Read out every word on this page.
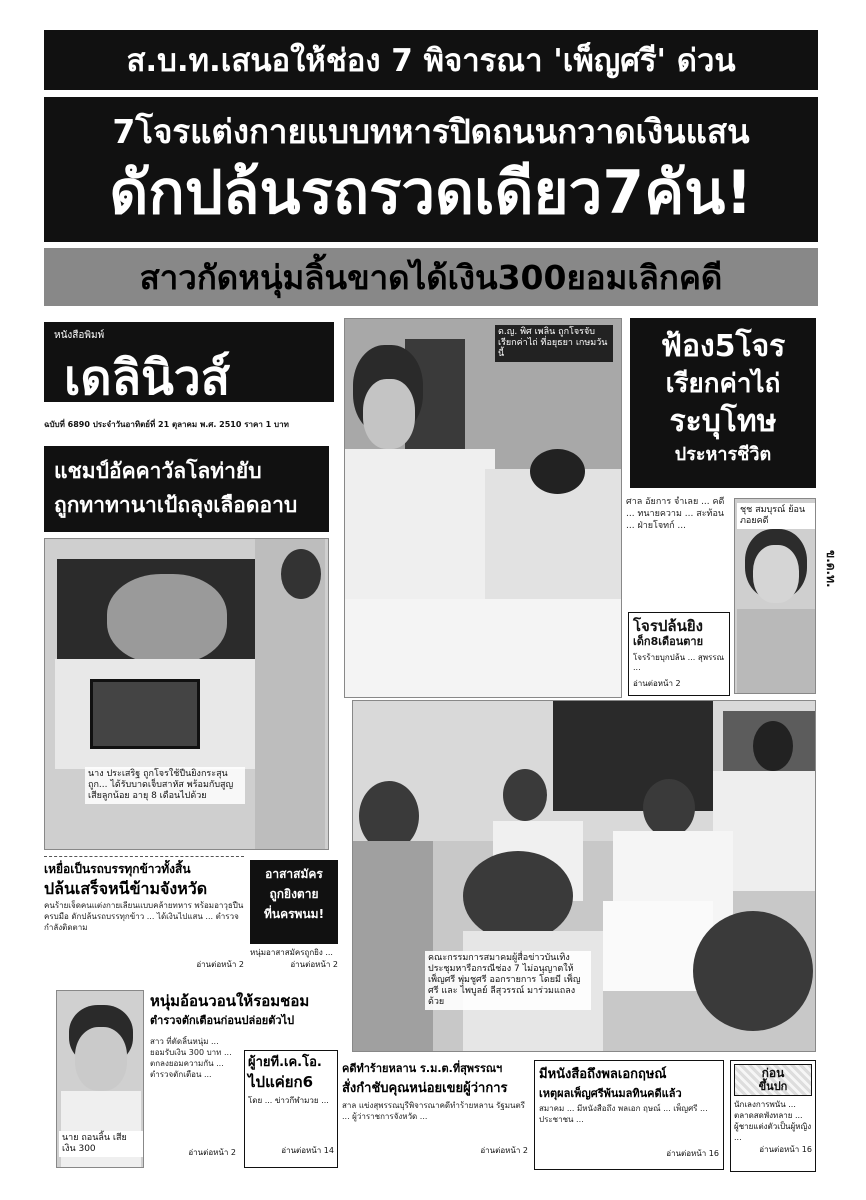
ส.บ.ท.เสนอให้ช่อง 7 พิจารณา 'เพ็ญศรี' ด่วน
7โจรแต่งกายแบบทหารปิดถนนกวาดเงินแสน
ดักปล้นรถรวดเดียว7คัน!
สาวกัดหนุ่มลิ้นขาดได้เงิน300ยอมเลิกคดี
หนังสือพิมพ์
เดลินิวส์
ฉบับที่ 6890 ประจำวันอาทิตย์ที่ 21 ตุลาคม พ.ศ. 2510 ราคา 1 บาท
แชมป์อัคคาวัลโลท่ายับ
ถูกทาทานาเป้ถลุงเลือดอาบ
นาง ประเสริฐ ถูกโจรใช้ปืนยิงกระสุนถูก... ได้รับบาดเจ็บสาหัส พร้อมกับสูญเสียลูกน้อย อายุ 8 เดือนไปด้วย
ด.ญ. พิศ เพลิน ถูกโจรจับเรียกค่าไถ่ ที่อยุธยา เกษมวันนี้	ฟ้อง5โจร
เรียกค่าไถ่
ระบุโทษ
ประหารชีวิต
ศาล อัยการ จำเลย ... คดี ... ทนายความ ... สะท้อน ... ฝ่ายโจทก์ ...
ชุช สมบุรณ์ ย้อนภอยคดี
ข.ด.ท.
โจรปล้นยิง
เด็ก8เดือนตาย
โจรร้ายบุกปล้น ... สุพรรณ ...
อ่านต่อหน้า 2
คณะกรรมการสมาคมผู้สื่อข่าวบันเทิง ประชุมหารือกรณีช่อง 7 ไม่อนุญาตให้ เพ็ญศรี พุ่มชูศรี ออกรายการ โดยมี เพ็ญศรี และ ไพบูลย์ ลีสุวรรณ์ มาร่วมแถลงด้วย
เหยื่อเป็นรถบรรทุกข้าวทั้งสิ้น
ปล้นเสร็จหนีข้ามจังหวัด
คนร้ายเจ็ดคนแต่งกายเลียนแบบคล้ายทหาร พร้อมอาวุธปืนครบมือ ดักปล้นรถบรรทุกข้าว ... ได้เงินไปแสน ... ตำรวจกำลังติดตาม
อ่านต่อหน้า 2
อาสาสมัคร
ถูกยิงตาย
ที่นครพนม!
หนุ่มอาสาสมัครถูกยิง ...
อ่านต่อหน้า 2
นาย ถอนลิ้น เสียเงิน 300
หนุ่มอ้อนวอนให้รอมชอม
ตำรวจตักเตือนก่อนปล่อยตัวไป
สาว ที่ตัดลิ้นหนุ่ม ... ยอมรับเงิน 300 บาท ... ตกลงยอมความกัน ... ตำรวจตักเตือน ...
อ่านต่อหน้า 2
ผู้ายที.เค.โอ.
ไปแค่ยก6
โดย ... ข่าวกีฬามวย ...
อ่านต่อหน้า 14
คดีทำร้ายหลาน ร.ม.ต.ที่สุพรรณฯ
สั่งกำชับคุณหน่อยเขยผู้ว่าการ
สาล แข่งสุพรรณบุรีพิจารณาคดีทำร้ายหลาน รัฐมนตรี ... ผู้ว่าราชการจังหวัด ...
อ่านต่อหน้า 2
มีหนังสือถึงพลเอกฤษณ์
เหตุผลเพ็ญศรีพ้นมลทินคดีแล้ว
สมาคม ... มีหนังสือถึง พลเอก ฤษณ์ ... เพ็ญศรี ... ประชาชน ...
อ่านต่อหน้า 16
ก่อน
ขึ้นปก
นักเลงการพนัน ...
ตลาดสดพังทลาย ...
ผู้ชายแต่งตัวเป็นผู้หญิง ...
อ่านต่อหน้า 16
